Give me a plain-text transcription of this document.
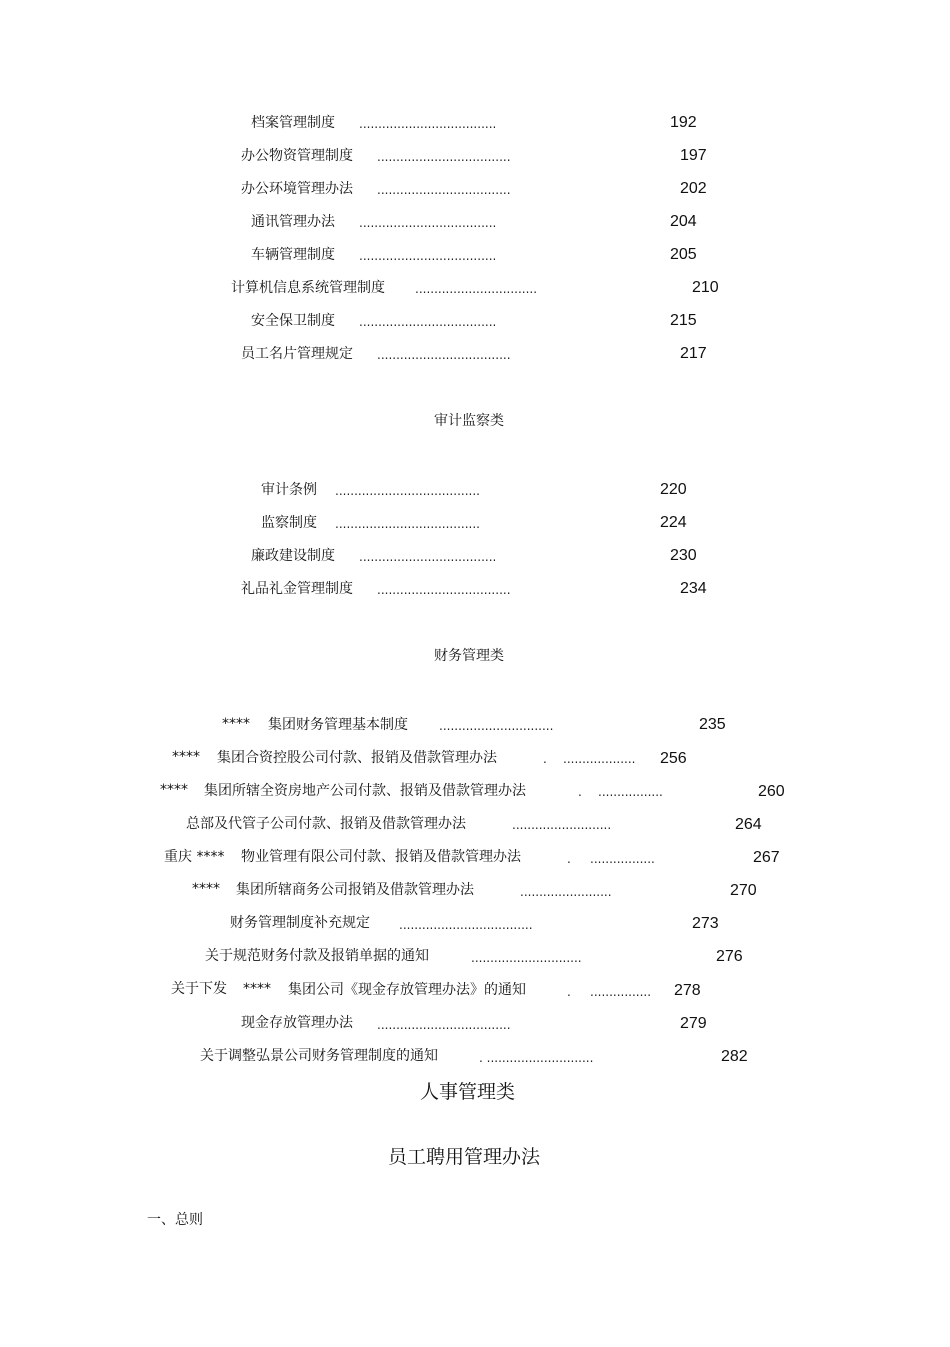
档案管理制度 ....................................	192
办公物资管理制度 ...................................	197
办公环境管理办法 ...................................	202
通讯管理办法 ....................................	204
车辆管理制度 ....................................	205
计算机信息系统管理制度	................................	210
安全保卫制度 ....................................	215
员工名片管理规定 ...................................	217
审计监察类
审计条例 ......................................	220
监察制度 ......................................	224
廉政建设制度 ....................................	230
礼品礼金管理制度 ...................................	234
财务管理类
**** 集团财务管理基本制度	..............................	235
**** 集团合资控股公司付款、报销及借款管理办法	. ................... 256
**** 集团所辖全资房地产公司付款、报销及借款管理办法	. .................	260
总部及代管子公司付款、报销及借款管理办法	..........................	264
重庆 **** 物业管理有限公司付款、报销及借款管理办法	. .................	267
**** 集团所辖商务公司报销及借款管理办法	........................	270
财务管理制度补充规定 ...................................	273
关于规范财务付款及报销单据的通知	.............................	276
关于下发 **** 集团公司《现金存放管理办法》的通知	. ................ 278
现金存放管理办法 ...................................	279
关于调整弘景公司财务管理制度的通知	. ............................	282
人事管理类
员工聘用管理办法
一、总则
